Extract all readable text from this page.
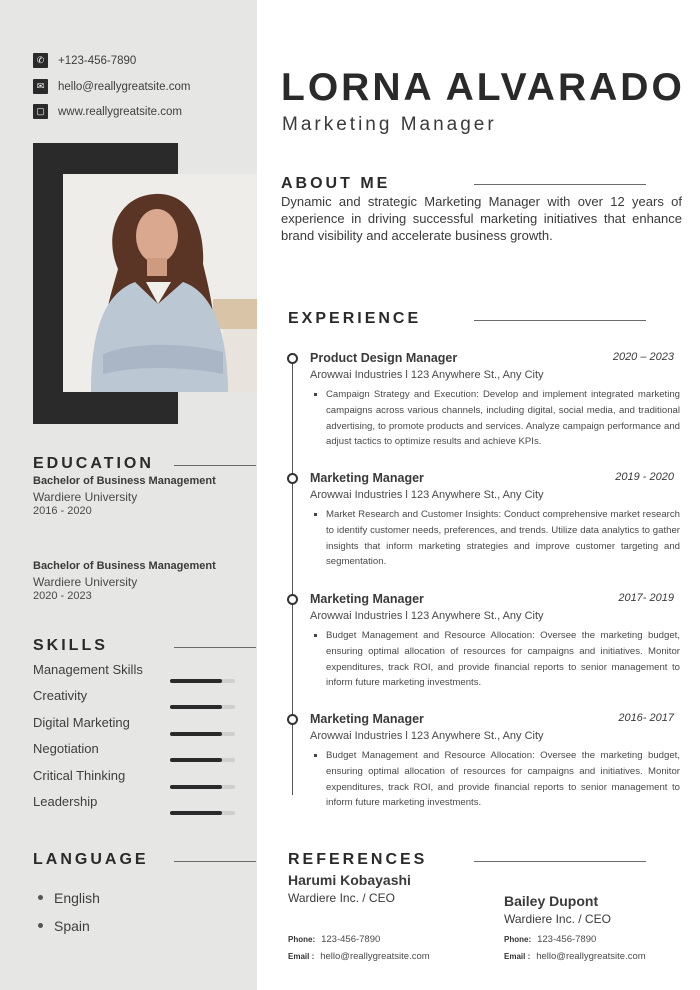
✆	+123-456-7890
✉	hello@reallygreatsite.com
▢ www.reallygreatsite.com
EDUCATION
Bachelor of Business Management
Wardiere University
2016 - 2020
Bachelor of Business Management
Wardiere University
2020 - 2023
SKILLS
Management Skills
Creativity
Digital Marketing
Negotiation
Critical Thinking
Leadership
LANGUAGE
English
Spain
LORNA ALVARADO
Marketing Manager
ABOUT ME
Dynamic and strategic Marketing Manager with over 12 years of experience in driving successful marketing initiatives that enhance brand visibility and accelerate business growth.
EXPERIENCE
Product Design Manager	2020 – 2023
Arowwai Industries l 123 Anywhere St., Any City
Campaign Strategy and Execution: Develop and implement integrated marketing campaigns across various channels, including digital, social media, and traditional advertising, to promote products and services. Analyze campaign performance and adjust tactics to optimize results and achieve KPIs.
Marketing Manager	2019 - 2020
Arowwai Industries l 123 Anywhere St., Any City
Market Research and Customer Insights: Conduct comprehensive market research to identify customer needs, preferences, and trends. Utilize data analytics to gather insights that inform marketing strategies and improve customer targeting and segmentation.
Marketing Manager	2017- 2019
Arowwai Industries l 123 Anywhere St., Any City
Budget Management and Resource Allocation: Oversee the marketing budget, ensuring optimal allocation of resources for campaigns and initiatives. Monitor expenditures, track ROI, and provide financial reports to senior management to inform future marketing investments.
Marketing Manager	2016- 2017
Arowwai Industries l 123 Anywhere St., Any City
Budget Management and Resource Allocation: Oversee the marketing budget, ensuring optimal allocation of resources for campaigns and initiatives. Monitor expenditures, track ROI, and provide financial reports to senior management to inform future marketing investments.
REFERENCES
Harumi Kobayashi
Wardiere Inc. / CEO
Phone: 123-456-7890
Email : hello@reallygreatsite.com
Bailey Dupont
Wardiere Inc. / CEO
Phone: 123-456-7890
Email : hello@reallygreatsite.com
